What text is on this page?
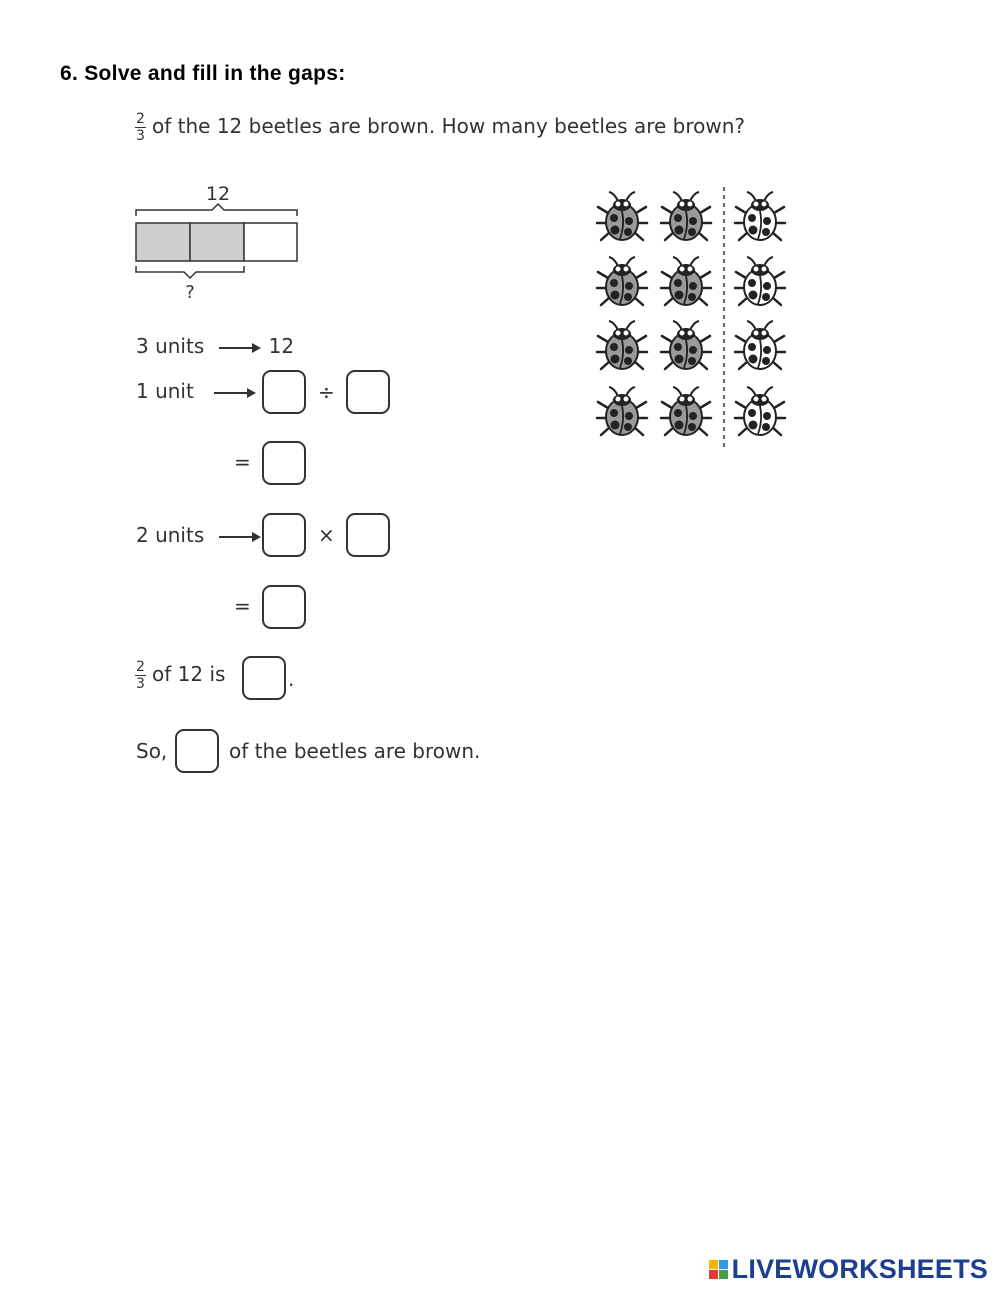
6. Solve and fill in the gaps:
$\frac{2}{3}$ of the 12 beetles are brown. How many beetles are brown?
12
?
3 units	12
1 unit	÷
=
2 units	×
=
$\frac{2}{3}$ of 12 is	.
So,	of the beetles are brown.
LIVEWORKSHEETS
